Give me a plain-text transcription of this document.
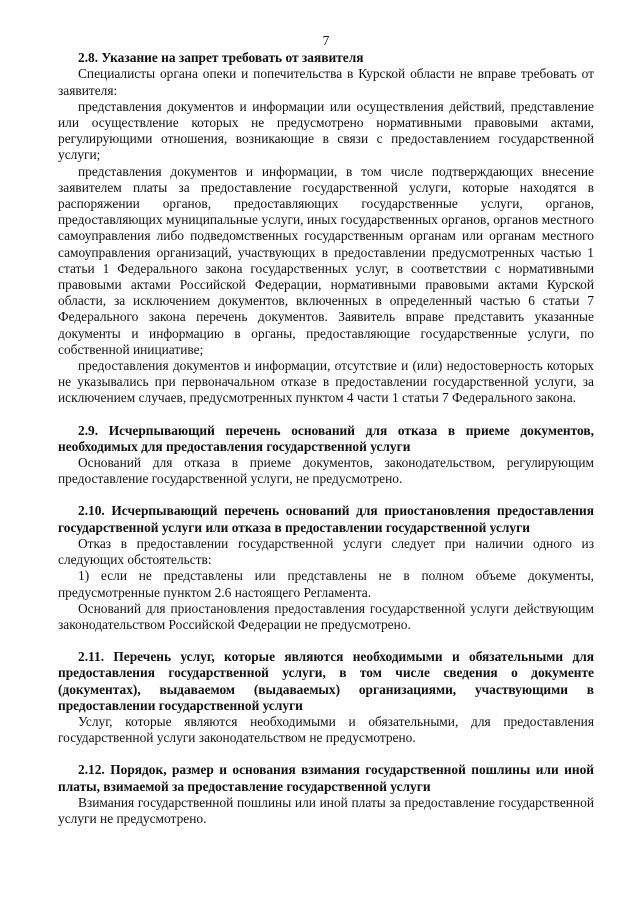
7

2.8. Указание на запрет требовать от заявителя

Специалисты органа опеки и попечительства в Курской области не вправе требовать от заявителя:

представления документов и информации или осуществления действий, представление или осуществление которых не предусмотрено нормативными правовыми актами, регулирующими отношения, возникающие в связи с предоставлением государственной услуги;

представления документов и информации, в том числе подтверждающих внесение заявителем платы за предоставление государственной услуги, которые находятся в распоряжении органов, предоставляющих государственные услуги, органов, предоставляющих муниципальные услуги, иных государственных органов, органов местного самоуправления либо подведомственных государственным органам или органам местного самоуправления организаций, участвующих в предоставлении предусмотренных частью 1 статьи 1 Федерального закона государственных услуг, в соответствии с нормативными правовыми актами Российской Федерации, нормативными правовыми актами Курской области, за исключением документов, включенных в определенный частью 6 статьи 7 Федерального закона перечень документов. Заявитель вправе представить указанные документы и информацию в органы, предоставляющие государственные услуги, по собственной инициативе;

предоставления документов и информации, отсутствие и (или) недостоверность которых не указывались при первоначальном отказе в предоставлении государственной услуги, за исключением случаев, предусмотренных пунктом 4 части 1 статьи 7 Федерального закона.

2.9. Исчерпывающий перечень оснований для отказа в приеме документов, необходимых для предоставления государственной услуги

Оснований для отказа в приеме документов, законодательством, регулирующим предоставление государственной услуги, не предусмотрено.

2.10. Исчерпывающий перечень оснований для приостановления предоставления государственной услуги или отказа в предоставлении государственной услуги

Отказ в предоставлении государственной услуги следует при наличии одного из следующих обстоятельств:

1) если не представлены или представлены не в полном объеме документы, предусмотренные пунктом 2.6 настоящего Регламента.

Оснований для приостановления предоставления государственной услуги действующим законодательством Российской Федерации не предусмотрено.

2.11. Перечень услуг, которые являются необходимыми и обязательными для предоставления государственной услуги, в том числе сведения о документе (документах), выдаваемом (выдаваемых) организациями, участвующими в предоставлении государственной услуги

Услуг, которые являются необходимыми и обязательными, для предоставления государственной услуги законодательством не предусмотрено.

2.12. Порядок, размер и основания взимания государственной пошлины или иной платы, взимаемой за предоставление государственной услуги

Взимания государственной пошлины или иной платы за предоставление государственной услуги не предусмотрено.
